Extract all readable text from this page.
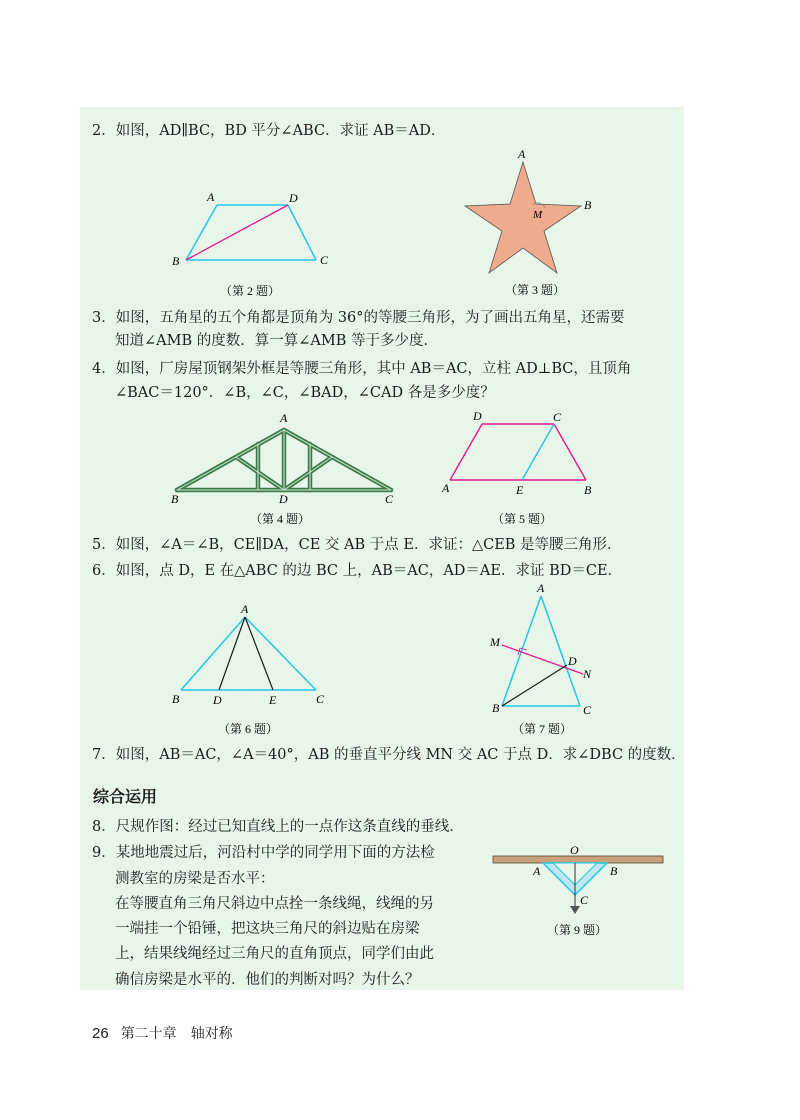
2．如图，AD∥BC，BD 平分∠ABC．求证 AB＝AD．
A	D
B	C
（第 2 题）
A
B
M
（第 3 题）
3．如图，五角星的五个角都是顶角为 36°的等腰三角形，为了画出五角星，还需要
知道∠AMB 的度数．算一算∠AMB 等于多少度．
4．如图，厂房屋顶钢架外框是等腰三角形，其中 AB＝AC，立柱 AD⊥BC，且顶角
∠BAC＝120°．∠B，∠C，∠BAD，∠CAD 各是多少度？
A
B	D	C
（第 4 题）
D	C
A	E	B
（第 5 题）
5．如图，∠A＝∠B，CE∥DA，CE 交 AB 于点 E．求证：△CEB 是等腰三角形．
6．如图，点 D，E 在△ABC 的边 BC 上，AB＝AC，AD＝AE．求证 BD＝CE．
A
B	D	E	C
（第 6 题）
A
M
D
N
B	C
（第 7 题）
7．如图，AB＝AC，∠A＝40°，AB 的垂直平分线 MN 交 AC 于点 D．求∠DBC 的度数．
综合运用
8．尺规作图：经过已知直线上的一点作这条直线的垂线．
9．某地地震过后，河沿村中学的同学用下面的方法检
测教室的房梁是否水平：
在等腰直角三角尺斜边中点拴一条线绳，线绳的另
一端挂一个铅锤，把这块三角尺的斜边贴在房梁
上，结果线绳经过三角尺的直角顶点，同学们由此
确信房梁是水平的．他们的判断对吗？为什么？
O
A	B
C
（第 9 题）
26 第二十章 轴对称
